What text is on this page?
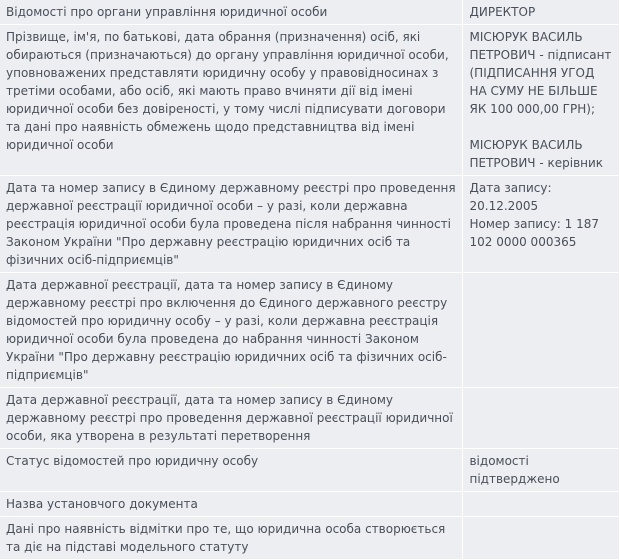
Відомості про органи управління юридичної особи	ДИРЕКТОР

Прізвище, ім'я, по батькові, дата обрання (призначення) осіб, які обираються (призначаються) до органу управління юридичної особи, уповноважених представляти юридичну особу у правовідносинах з третіми особами, або осіб, які мають право вчиняти дії від імені юридичної особи без довіреності, у тому числі підписувати договори та дані про наявність обмежень щодо представництва від імені юридичної особи	МІСЮРУК ВАСИЛЬ ПЕТРОВИЧ - підписант (ПІДПИСАННЯ УГОД НА СУМУ НЕ БІЛЬШЕ ЯК 100 000,00 ГРН);

МІСЮРУК ВАСИЛЬ ПЕТРОВИЧ - керівник

Дата та номер запису в Єдиному державному реєстрі про проведення державної реєстрації юридичної особи – у разі, коли державна реєстрація юридичної особи була проведена після набрання чинності Законом України "Про державну реєстрацію юридичних осіб та фізичних осіб-підприємців"	Дата запису: 20.12.2005

Номер запису: 1 187 102 0000 000365

Дата державної реєстрації, дата та номер запису в Єдиному державному реєстрі про включення до Єдиного державного реєстру відомостей про юридичну особу – у разі, коли державна реєстрація юридичної особи була проведена до набрання чинності Законом України "Про державну реєстрацію юридичних осіб та фізичних осіб-підприємців"	
Дата державної реєстрації, дата та номер запису в Єдиному державному реєстрі про проведення державної реєстрації юридичної особи, яка утворена в результаті перетворення	
Статус відомостей про юридичну особу	відомості підтверджено

Назва установчого документа	
Дані про наявність відмітки про те, що юридична особа створюється та діє на підставі модельного статуту	
